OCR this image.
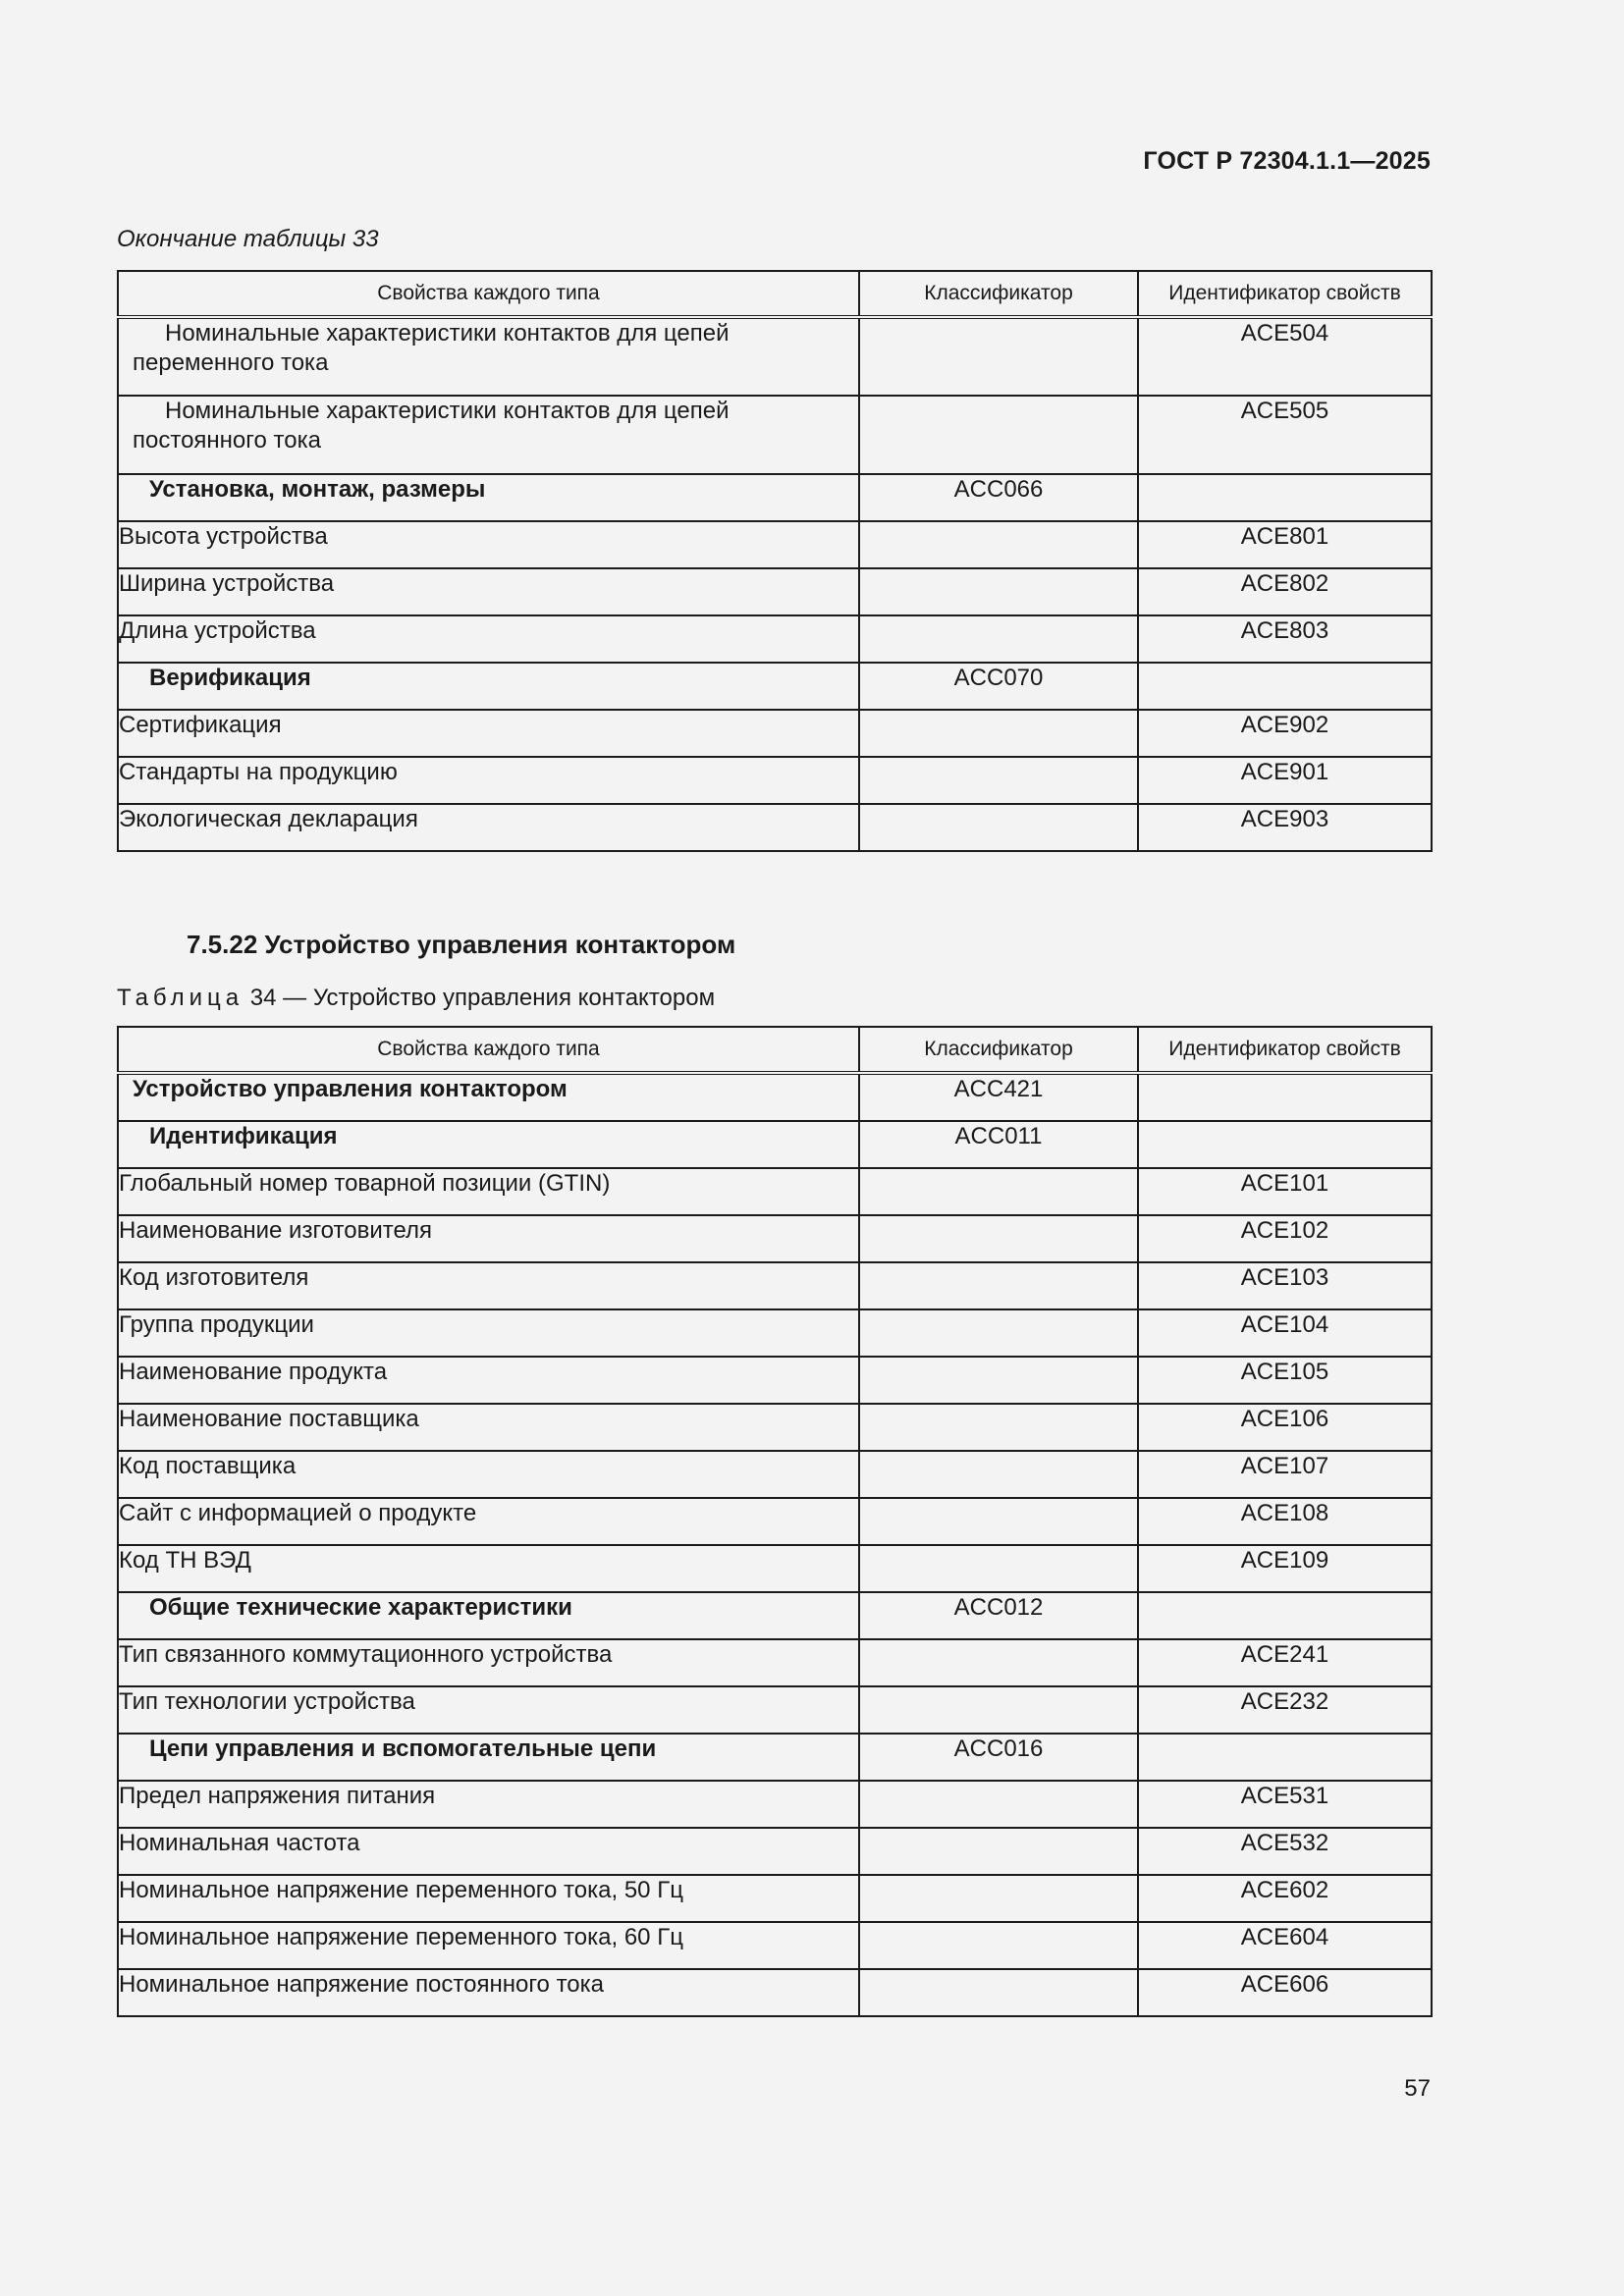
ГОСТ Р 72304.1.1—2025
Окончание таблицы 33
Свойства каждого типа	Классификатор	Идентификатор свойств
Номинальные характеристики контактов для цепей переменного тока		ACE504
Номинальные характеристики контактов для цепей постоянного тока		ACE505
Установка, монтаж, размеры	ACC066	
Высота устройства		ACE801
Ширина устройства		ACE802
Длина устройства		ACE803
Верификация	ACC070	
Сертификация		ACE902
Стандарты на продукцию		ACE901
Экологическая декларация		ACE903
7.5.22 Устройство управления контактором
Таблица 34 — Устройство управления контактором
Свойства каждого типа	Классификатор	Идентификатор свойств
Устройство управления контактором	ACC421	
Идентификация	ACC011	
Глобальный номер товарной позиции (GTIN)		ACE101
Наименование изготовителя		ACE102
Код изготовителя		ACE103
Группа продукции		ACE104
Наименование продукта		ACE105
Наименование поставщика		ACE106
Код поставщика		ACE107
Сайт с информацией о продукте		ACE108
Код ТН ВЭД		ACE109
Общие технические характеристики	ACC012	
Тип связанного коммутационного устройства		ACE241
Тип технологии устройства		ACE232
Цепи управления и вспомогательные цепи	ACC016	
Предел напряжения питания		ACE531
Номинальная частота		ACE532
Номинальное напряжение переменного тока, 50 Гц		ACE602
Номинальное напряжение переменного тока, 60 Гц		ACE604
Номинальное напряжение постоянного тока		ACE606
57
